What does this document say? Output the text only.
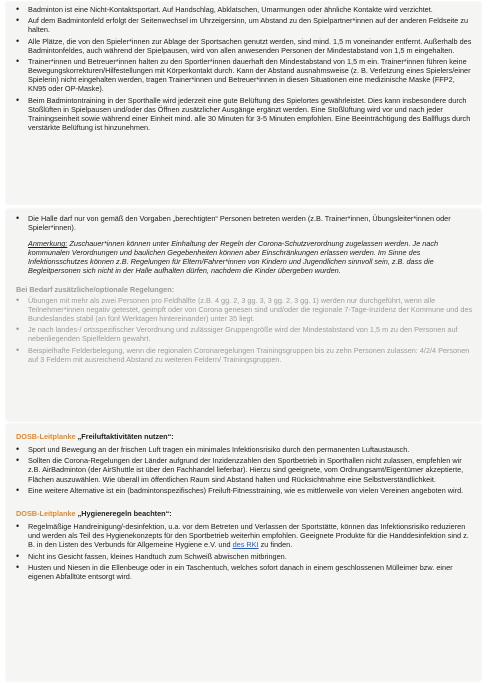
• Badminton ist eine Nicht-Kontaktsportart. Auf Handschlag, Abklatschen, Umarmungen oder ähnliche Kontakte wird verzichtet.
• Auf dem Badmintonfeld erfolgt der Seitenwechsel im Uhrzeigersinn, um Abstand zu den Spielpartner*innen auf der anderen Feldseite zu halten.
• Alle Plätze, die von den Spieler*innen zur Ablage der Sportsachen genutzt werden, sind mind. 1,5 m voneinander entfernt. Außerhalb des Badmintonfeldes, auch während der Spielpausen, wird von allen anwesenden Personen der Mindestabstand von 1,5 m eingehalten.
• Trainer*innen und Betreuer*innen halten zu den Sportler*innen dauerhaft den Mindestabstand von 1,5 m ein. Trainer*innen führen keine Bewegungskorrekturen/Hilfestellungen mit Körperkontakt durch. Kann der Abstand ausnahmsweise (z. B. Verletzung eines Spielers/einer Spielerin) nicht eingehalten werden, tragen Trainer*innen und Betreuer*innen in diesen Situationen eine medizinische Maske (FFP2, KN95 oder OP-Maske).
• Beim Badmintontraining in der Sporthalle wird jederzeit eine gute Belüftung des Spielortes gewährleistet. Dies kann insbesondere durch Stoßlüften in Spielpausen und/oder das Öffnen zusätzlicher Ausgänge ergänzt werden. Eine Stoßlüftung wird vor und nach jeder Trainingseinheit sowie während einer Einheit mind. alle 30 Minuten für 3-5 Minuten empfohlen. Eine Beeinträchtigung des Ballflugs durch verstärkte Belüftung ist hinzunehmen.
• Die Halle darf nur von gemäß den Vorgaben „berechtigten“ Personen betreten werden (z.B. Trainer*innen, Übungsleiter*innen oder Spieler*innen).
Anmerkung: Zuschauer*innen können unter Einhaltung der Regeln der Corona-Schutzverordnung zugelassen werden. Je nach kommunalen Verordnungen und baulichen Gegebenheiten können aber Einschränkungen erlassen werden. Im Sinne des Infektionsschutzes können z.B. Regelungen für Eltern/Fahrer*innen von Kindern und Jugendlichen sinnvoll sein, z.B. dass die Begleitpersonen sich nicht in der Halle aufhalten dürfen, nachdem die Kinder übergeben wurden.
Bei Bedarf zusätzliche/optionale Regelungen:
• Übungen mit mehr als zwei Personen pro Feldhälfte (z.B. 4 gg. 2, 3 gg. 3, 3 gg. 2, 3 gg. 1) werden nur durchgeführt, wenn alle Teilnehmer*innen negativ getestet, geimpft oder von Corona genesen sind und/oder die regionale 7-Tage-Inzidenz der Kommune und des Bundeslandes stabil (an fünf Werktagen hintereinander) unter 35 liegt.
• Je nach landes-/ ortsspezifischer Verordnung und zulässiger Gruppengröße wird der Mindestabstand von 1,5 m zu den Personen auf nebenliegenden Spielfeldern gewahrt.
• Beispielhafte Felderbelegung, wenn die regionalen Coronaregelungen Trainingsgruppen bis zu zehn Personen zulassen: 4/2/4 Personen auf 3 Feldern mit ausreichend Abstand zu weiteren Feldern/ Trainingsgruppen.
DOSB-Leitplanke „Freiluftaktivitäten nutzen“:
• Sport und Bewegung an der frischen Luft tragen ein minimales Infektionsrisiko durch den permanenten Luftaustausch.
• Sollten die Corona-Regelungen der Länder aufgrund der Inzidenzzahlen den Sportbetrieb in Sporthallen nicht zulassen, empfehlen wir z.B. AirBadminton (der AirShuttle ist über den Fachhandel lieferbar). Hierzu sind geeignete, vom Ordnungsamt/Eigentümer akzeptierte, Flächen auszuwählen. Wie überall im öffentlichen Raum sind Abstand halten und Rücksichtnahme eine Selbstverständlichkeit.
• Eine weitere Alternative ist ein (badmintonspezifisches) Freiluft-Fitnesstraining, wie es mittlerweile von vielen Vereinen angeboten wird.
DOSB-Leitplanke „Hygieneregeln beachten“:
• Regelmäßige Handreinigung/-desinfektion, u.a. vor dem Betreten und Verlassen der Sportstätte, können das Infektionsrisiko reduzieren und werden als Teil des Hygienekonzepts für den Sportbetrieb weiterhin empfohlen. Geeignete Produkte für die Handdesinfektion sind z. B. in den Listen des Verbunds für Allgemeine Hygiene e.V. und des RKI zu finden.
• Nicht ins Gesicht fassen, kleines Handtuch zum Schweiß abwischen mitbringen.
• Husten und Niesen in die Ellenbeuge oder in ein Taschentuch, welches sofort danach in einem geschlossenen Mülleimer bzw. einer eigenen Abfalltüte entsorgt wird.
